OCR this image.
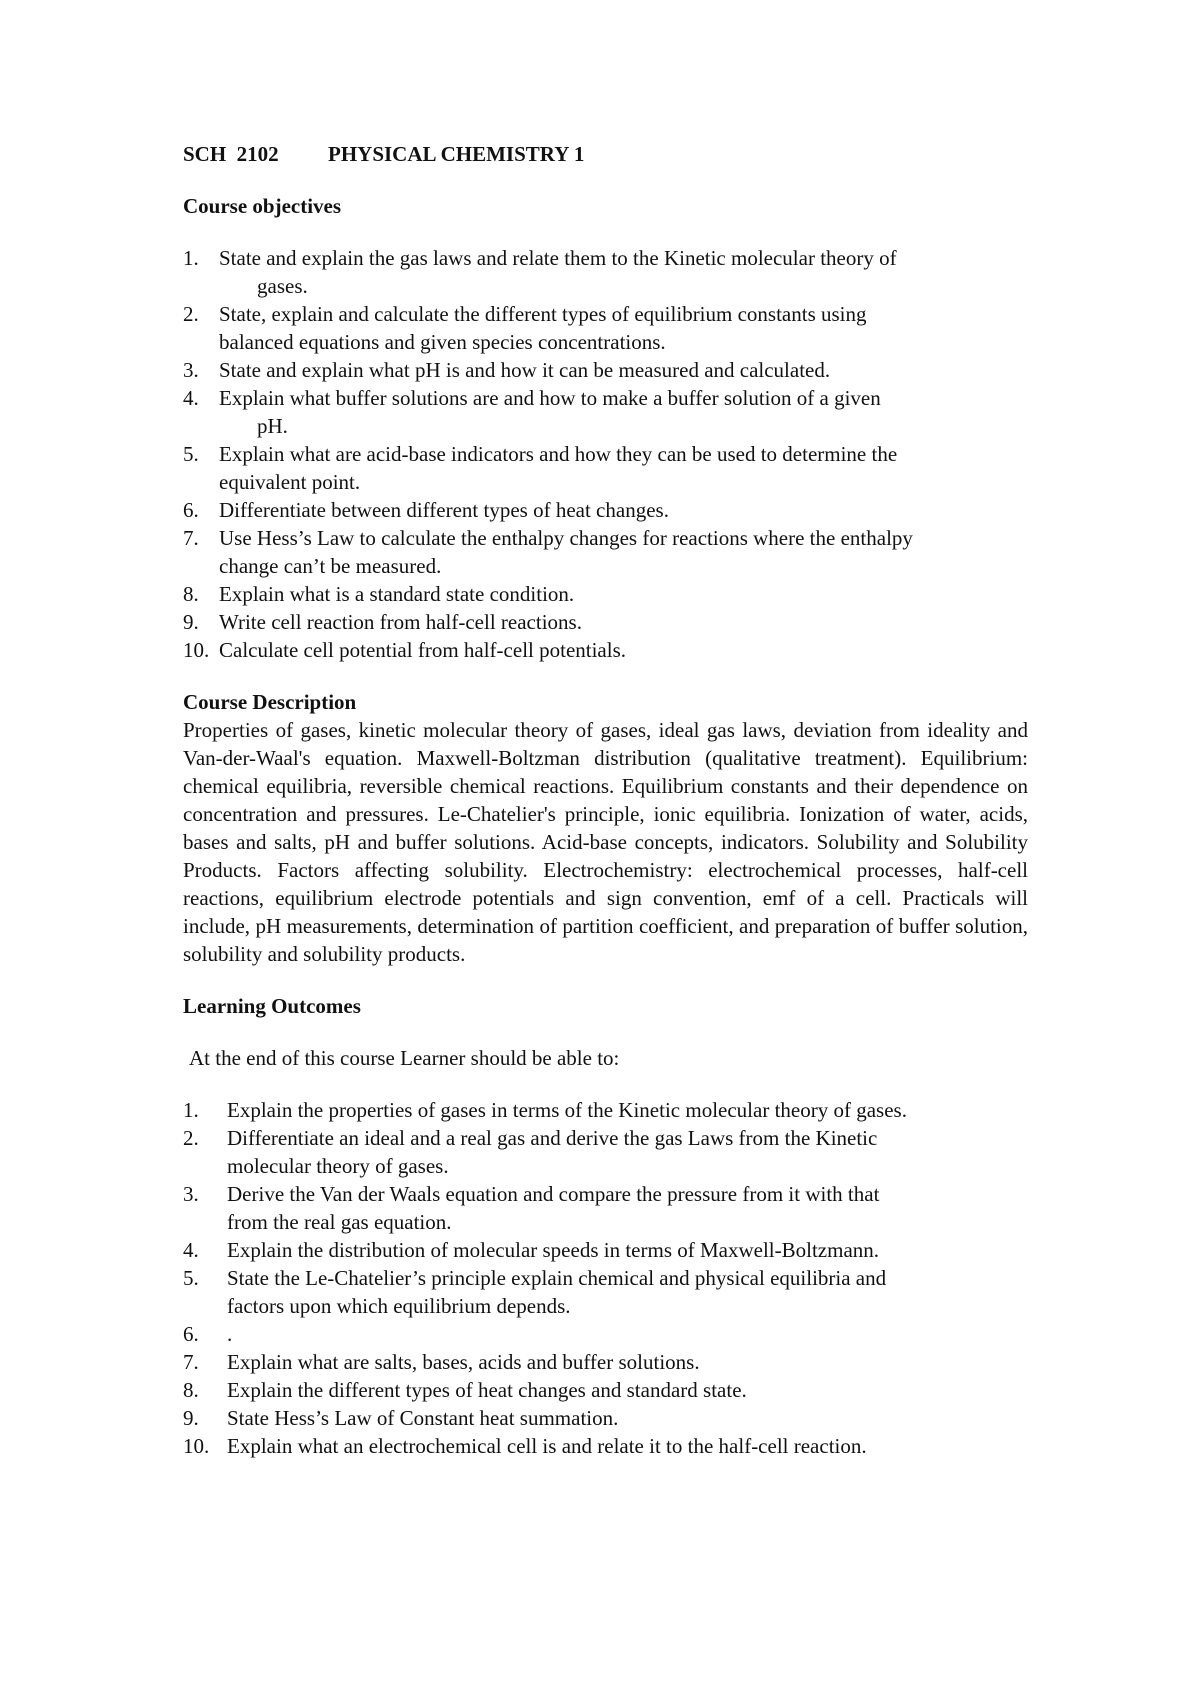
SCH  2102 PHYSICAL CHEMISTRY 1

Course objectives

1. State and explain the gas laws and relate them to the Kinetic molecular theory of
gases.
2. State, explain and calculate the different types of equilibrium constants using
balanced equations and given species concentrations.
3. State and explain what pH is and how it can be measured and calculated.
4. Explain what buffer solutions are and how to make a buffer solution of a given
pH.
5. Explain what are acid-base indicators and how they can be used to determine the
equivalent point.
6. Differentiate between different types of heat changes.
7. Use Hess’s Law to calculate the enthalpy changes for reactions where the enthalpy
change can’t be measured.
8. Explain what is a standard state condition.
9. Write cell reaction from half-cell reactions.
10. Calculate cell potential from half-cell potentials.

Course Description

Properties of gases, kinetic molecular theory of gases, ideal gas laws, deviation from ideality and Van-der-Waal's equation. Maxwell-Boltzman distribution (qualitative treatment). Equilibrium: chemical equilibria, reversible chemical reactions. Equilibrium constants and their dependence on concentration and pressures. Le-Chatelier's principle, ionic equilibria. Ionization of water, acids, bases and salts, pH and buffer solutions. Acid-base concepts, indicators. Solubility and Solubility Products. Factors affecting solubility. Electrochemistry: electrochemical processes, half-cell reactions, equilibrium electrode potentials and sign convention, emf of a cell. Practicals will include, pH measurements, determination of partition coefficient, and preparation of buffer solution, solubility and solubility products.

Learning Outcomes

At the end of this course Learner should be able to:

1. Explain the properties of gases in terms of the Kinetic molecular theory of gases.
2. Differentiate an ideal and a real gas and derive the gas Laws from the Kinetic
molecular theory of gases.
3. Derive the Van der Waals equation and compare the pressure from it with that
from the real gas equation.
4. Explain the distribution of molecular speeds in terms of Maxwell-Boltzmann.
5. State the Le-Chatelier’s principle explain chemical and physical equilibria and
factors upon which equilibrium depends.
6. .
7. Explain what are salts, bases, acids and buffer solutions.
8. Explain the different types of heat changes and standard state.
9. State Hess’s Law of Constant heat summation.
10. Explain what an electrochemical cell is and relate it to the half-cell reaction.
